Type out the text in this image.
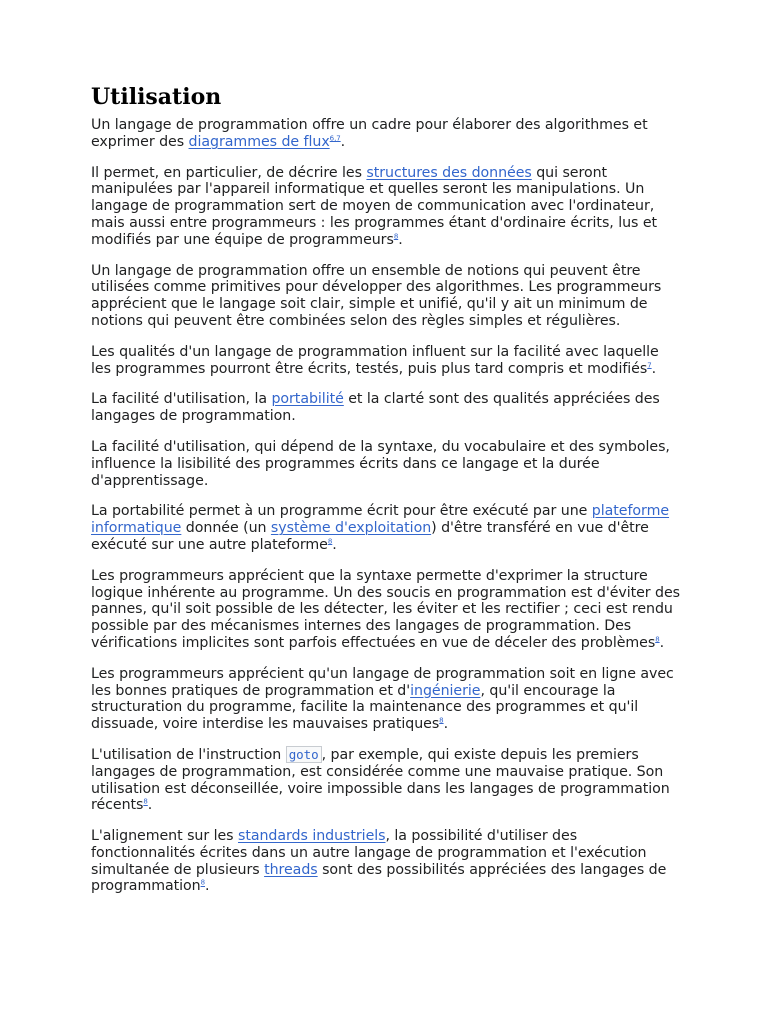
Utilisation

Un langage de programmation offre un cadre pour élaborer des algorithmes et exprimer des diagrammes de flux$^{6,7}$.

Il permet, en particulier, de décrire les structures des données qui seront manipulées par l'appareil informatique et quelles seront les manipulations. Un langage de programmation sert de moyen de communication avec l'ordinateur, mais aussi entre programmeurs : les programmes étant d'ordinaire écrits, lus et modifiés par une équipe de programmeurs$^8$.

Un langage de programmation offre un ensemble de notions qui peuvent être utilisées comme primitives pour développer des algorithmes. Les programmeurs apprécient que le langage soit clair, simple et unifié, qu'il y ait un minimum de notions qui peuvent être combinées selon des règles simples et régulières.

Les qualités d'un langage de programmation influent sur la facilité avec laquelle les programmes pourront être écrits, testés, puis plus tard compris et modifiés$^7$.

La facilité d'utilisation, la portabilité et la clarté sont des qualités appréciées des langages de programmation.

La facilité d'utilisation, qui dépend de la syntaxe, du vocabulaire et des symboles, influence la lisibilité des programmes écrits dans ce langage et la durée d'apprentissage.

La portabilité permet à un programme écrit pour être exécuté par une plateforme informatique donnée (un système d'exploitation) d'être transféré en vue d'être exécuté sur une autre plateforme$^8$.

Les programmeurs apprécient que la syntaxe permette d'exprimer la structure logique inhérente au programme. Un des soucis en programmation est d'éviter des pannes, qu'il soit possible de les détecter, les éviter et les rectifier ; ceci est rendu possible par des mécanismes internes des langages de programmation. Des vérifications implicites sont parfois effectuées en vue de déceler des problèmes$^8$.

Les programmeurs apprécient qu'un langage de programmation soit en ligne avec les bonnes pratiques de programmation et d'ingénierie, qu'il encourage la structuration du programme, facilite la maintenance des programmes et qu'il dissuade, voire interdise les mauvaises pratiques$^8$.

L'utilisation de l'instruction goto , par exemple, qui existe depuis les premiers langages de programmation, est considérée comme une mauvaise pratique. Son utilisation est déconseillée, voire impossible dans les langages de programmation récents$^8$.

L'alignement sur les standards industriels, la possibilité d'utiliser des fonctionnalités écrites dans un autre langage de programmation et l'exécution simultanée de plusieurs threads sont des possibilités appréciées des langages de programmation$^8$.
